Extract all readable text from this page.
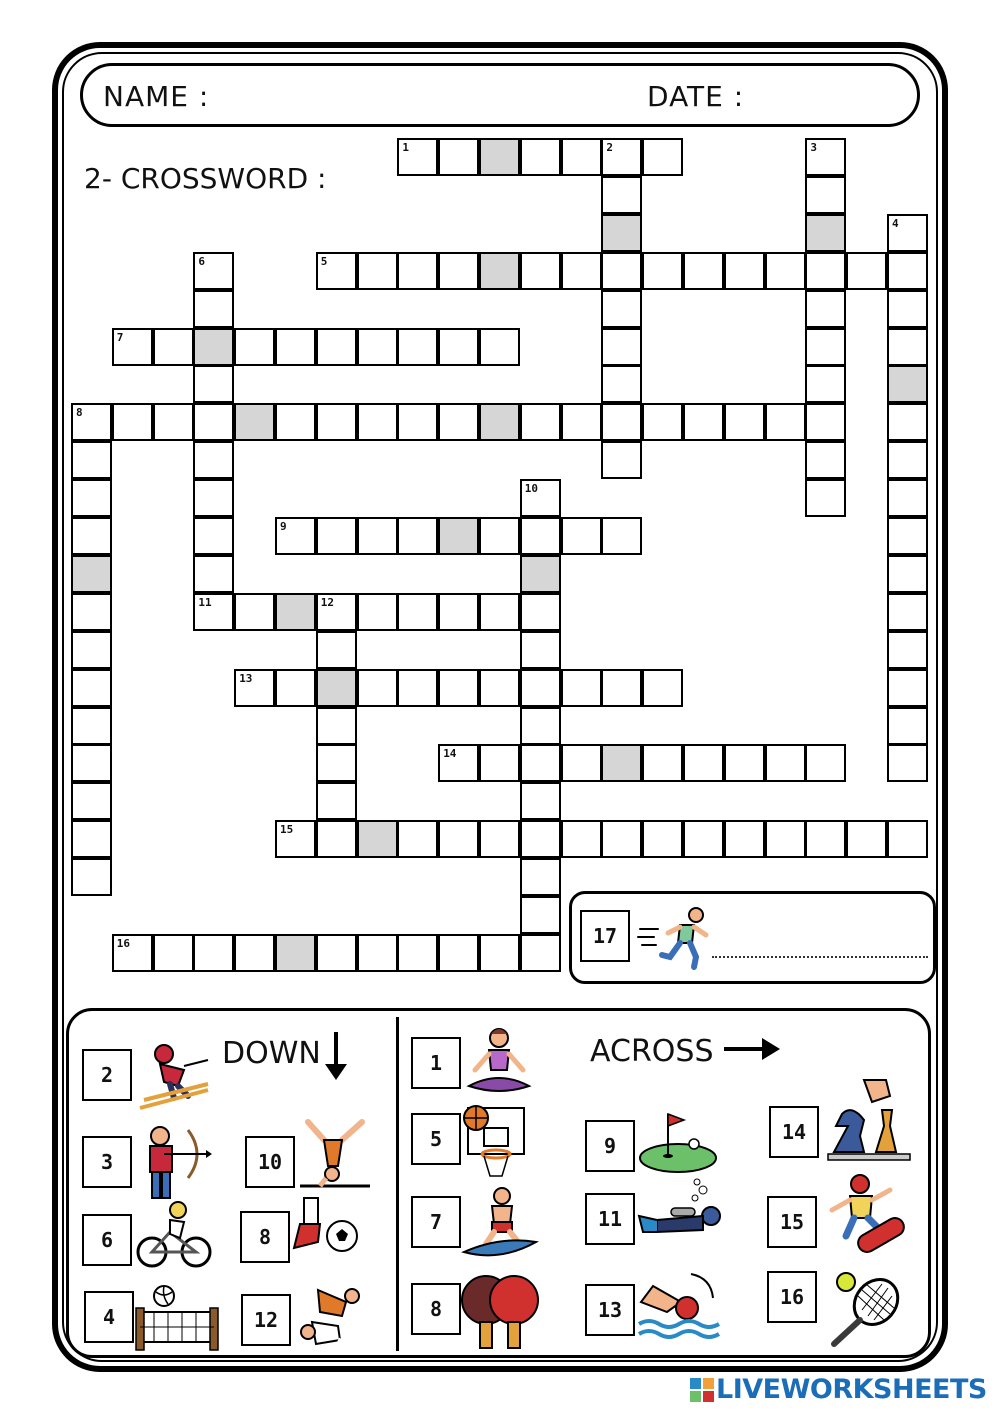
NAME :	DATE :
2- CROSSWORD :
1	2	3
4
5
6
11
7
8
9
10
12
13
14
15
16	17
DOWN	ACROSS
2
3	10
6	8
4	12
1
5	9
14
7	11	15
8	13
16
LIVEWORKSHEETS
